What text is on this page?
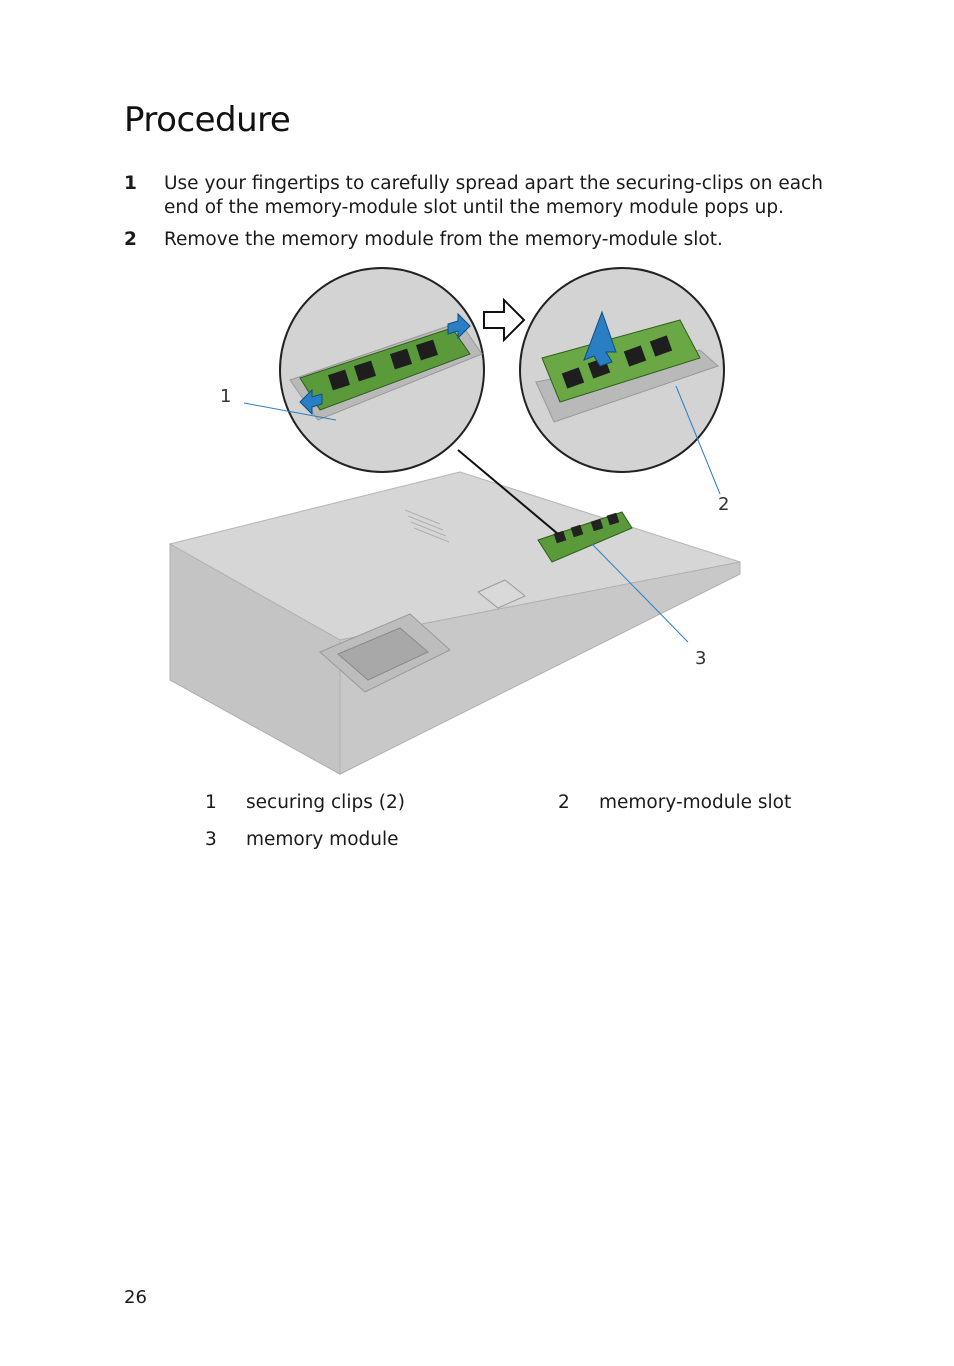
Procedure
1 Use your fingertips to carefully spread apart the securing-clips on each end of the memory-module slot until the memory module pops up.
2 Remove the memory module from the memory-module slot.
1
2
3
1 securing clips (2)	2 memory-module slot
3 memory module
26
